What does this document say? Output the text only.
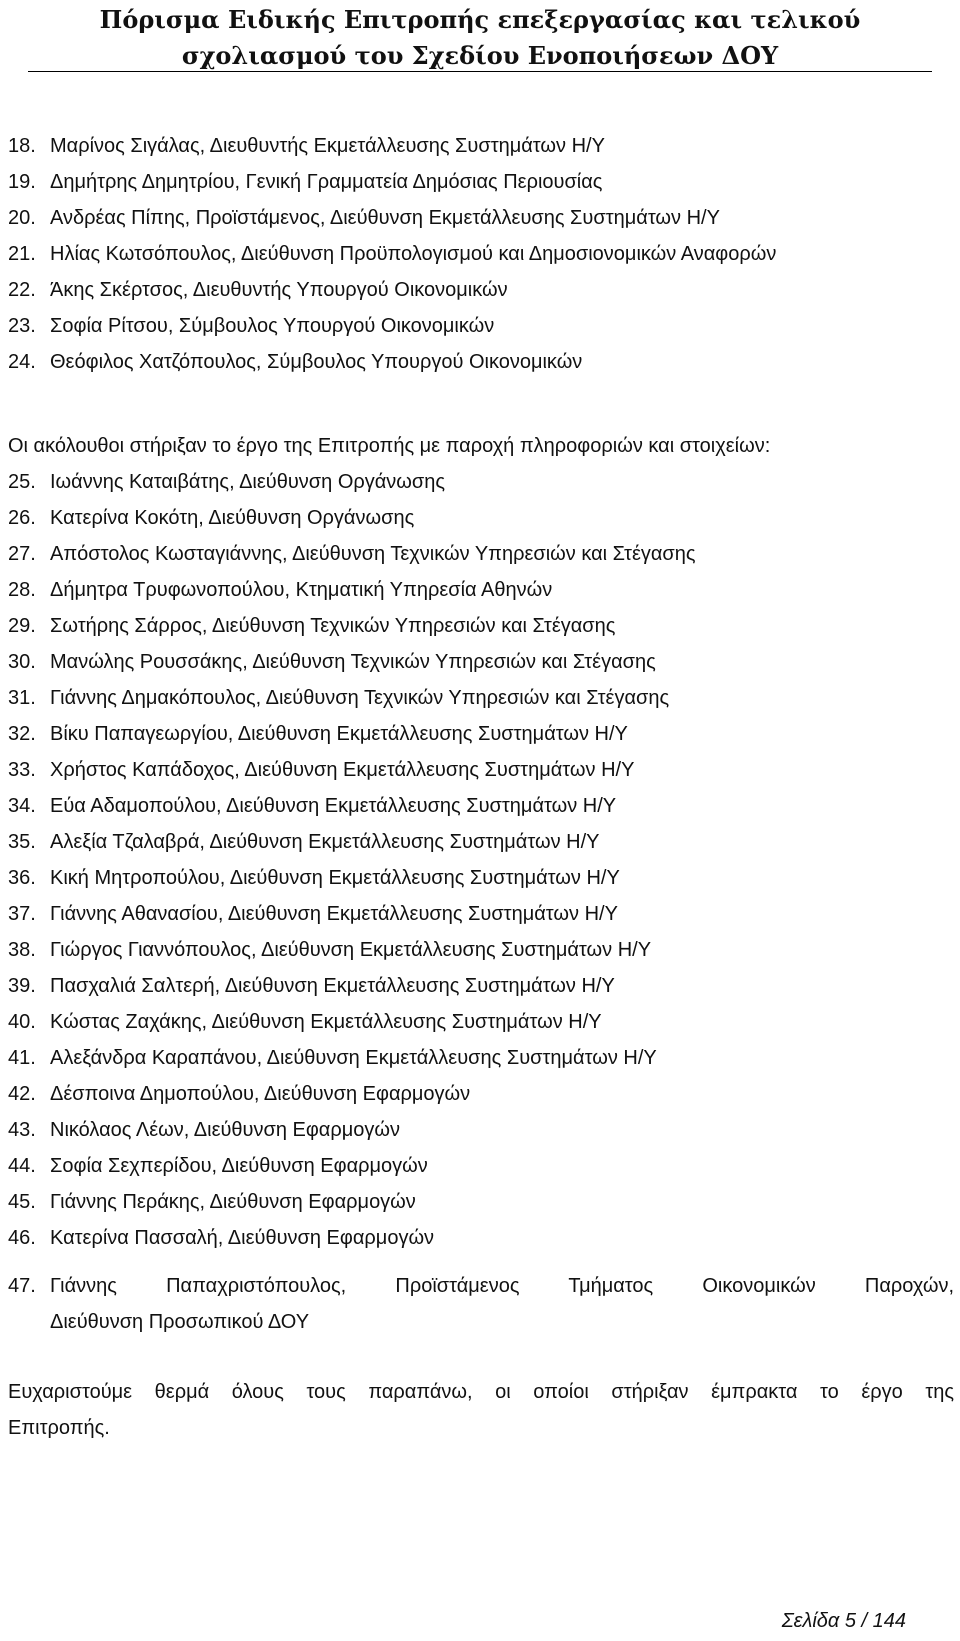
Πόρισμα Ειδικής Επιτροπής επεξεργασίας και τελικού
σχολιασμού του Σχεδίου Ενοποιήσεων ΔΟΥ
18. Μαρίνος Σιγάλας, Διευθυντής Εκμετάλλευσης Συστημάτων Η/Υ
19. Δημήτρης Δημητρίου, Γενική Γραμματεία Δημόσιας Περιουσίας
20. Ανδρέας Πίπης, Προϊστάμενος, Διεύθυνση Εκμετάλλευσης Συστημάτων Η/Υ
21. Ηλίας Κωτσόπουλος, Διεύθυνση Προϋπολογισμού και Δημοσιονομικών Αναφορών
22. Άκης Σκέρτσος, Διευθυντής Υπουργού Οικονομικών
23. Σοφία Ρίτσου, Σύμβουλος Υπουργού Οικονομικών
24. Θεόφιλος Χατζόπουλος, Σύμβουλος Υπουργού Οικονομικών
Οι ακόλουθοι στήριξαν το έργο της Επιτροπής με παροχή πληροφοριών και στοιχείων:
25. Ιωάννης Καταιβάτης, Διεύθυνση Οργάνωσης
26. Κατερίνα Κοκότη, Διεύθυνση Οργάνωσης
27. Απόστολος Κωσταγιάννης, Διεύθυνση Τεχνικών Υπηρεσιών και Στέγασης
28. Δήμητρα Τρυφωνοπούλου, Κτηματική Υπηρεσία Αθηνών
29. Σωτήρης Σάρρος, Διεύθυνση Τεχνικών Υπηρεσιών και Στέγασης
30. Μανώλης Ρουσσάκης, Διεύθυνση Τεχνικών Υπηρεσιών και Στέγασης
31. Γιάννης Δημακόπουλος, Διεύθυνση Τεχνικών Υπηρεσιών και Στέγασης
32. Βίκυ Παπαγεωργίου, Διεύθυνση Εκμετάλλευσης Συστημάτων Η/Υ
33. Χρήστος Καπάδοχος, Διεύθυνση Εκμετάλλευσης Συστημάτων Η/Υ
34. Εύα Αδαμοπούλου, Διεύθυνση Εκμετάλλευσης Συστημάτων Η/Υ
35. Αλεξία Τζαλαβρά, Διεύθυνση Εκμετάλλευσης Συστημάτων Η/Υ
36. Κική Μητροπούλου, Διεύθυνση Εκμετάλλευσης Συστημάτων Η/Υ
37. Γιάννης Αθανασίου, Διεύθυνση Εκμετάλλευσης Συστημάτων Η/Υ
38. Γιώργος Γιαννόπουλος, Διεύθυνση Εκμετάλλευσης Συστημάτων Η/Υ
39. Πασχαλιά Σαλτερή, Διεύθυνση Εκμετάλλευσης Συστημάτων Η/Υ
40. Κώστας Ζαχάκης, Διεύθυνση Εκμετάλλευσης Συστημάτων Η/Υ
41. Αλεξάνδρα Καραπάνου, Διεύθυνση Εκμετάλλευσης Συστημάτων Η/Υ
42. Δέσποινα Δημοπούλου, Διεύθυνση Εφαρμογών
43. Νικόλαος Λέων, Διεύθυνση Εφαρμογών
44. Σοφία Σεχπερίδου, Διεύθυνση Εφαρμογών
45. Γιάννης Περάκης, Διεύθυνση Εφαρμογών
46. Κατερίνα Πασσαλή, Διεύθυνση Εφαρμογών
47. Γιάννης Παπαχριστόπουλος, Προϊστάμενος Τμήματος Οικονομικών Παροχών,
Διεύθυνση Προσωπικού ΔΟΥ
Ευχαριστούμε θερμά όλους τους παραπάνω, οι οποίοι στήριξαν έμπρακτα το έργο της
Επιτροπής.
Σελίδα 5 / 144
